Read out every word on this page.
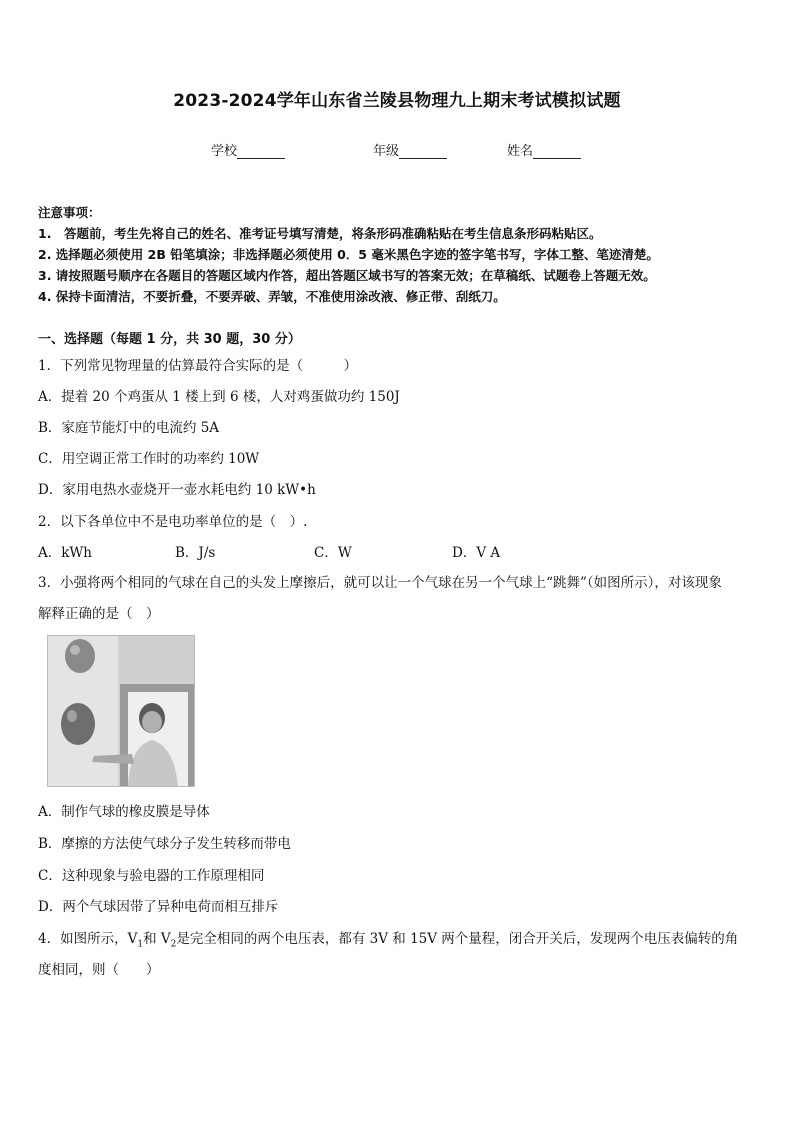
2023-2024学年山东省兰陵县物理九上期末考试模拟试题
学校	年级	姓名
注意事项：
1.　答题前，考生先将自己的姓名、准考证号填写清楚，将条形码准确粘贴在考生信息条形码粘贴区。
2. 选择题必须使用 2B 铅笔填涂；非选择题必须使用 0．5 毫米黑色字迹的签字笔书写，字体工整、笔迹清楚。
3. 请按照题号顺序在各题目的答题区域内作答，超出答题区域书写的答案无效；在草稿纸、试题卷上答题无效。
4. 保持卡面清洁，不要折叠，不要弄破、弄皱，不准使用涂改液、修正带、刮纸刀。
一、选择题（每题 1 分，共 30 题，30 分）
1．下列常见物理量的估算最符合实际的是（　　　）
A．提着 20 个鸡蛋从 1 楼上到 6 楼，人对鸡蛋做功约 150J
B．家庭节能灯中的电流约 5A
C．用空调正常工作时的功率约 10W
D．家用电热水壶烧开一壶水耗电约 10 kW•h
2．以下各单位中不是电功率单位的是（　）.
A．kWh	B．J/s	C．W	D．V A
3．小强将两个相同的气球在自己的头发上摩擦后，就可以让一个气球在另一个气球上“跳舞”（如图所示），对该现象
解释正确的是（　）
A．制作气球的橡皮膜是导体
B．摩擦的方法使气球分子发生转移而带电
C．这种现象与验电器的工作原理相同
D．两个气球因带了异种电荷而相互排斥
4．如图所示，$V_1$和 $V_2$是完全相同的两个电压表，都有 3V 和 15V 两个量程，闭合开关后，发现两个电压表偏转的角
度相同，则（　　）
